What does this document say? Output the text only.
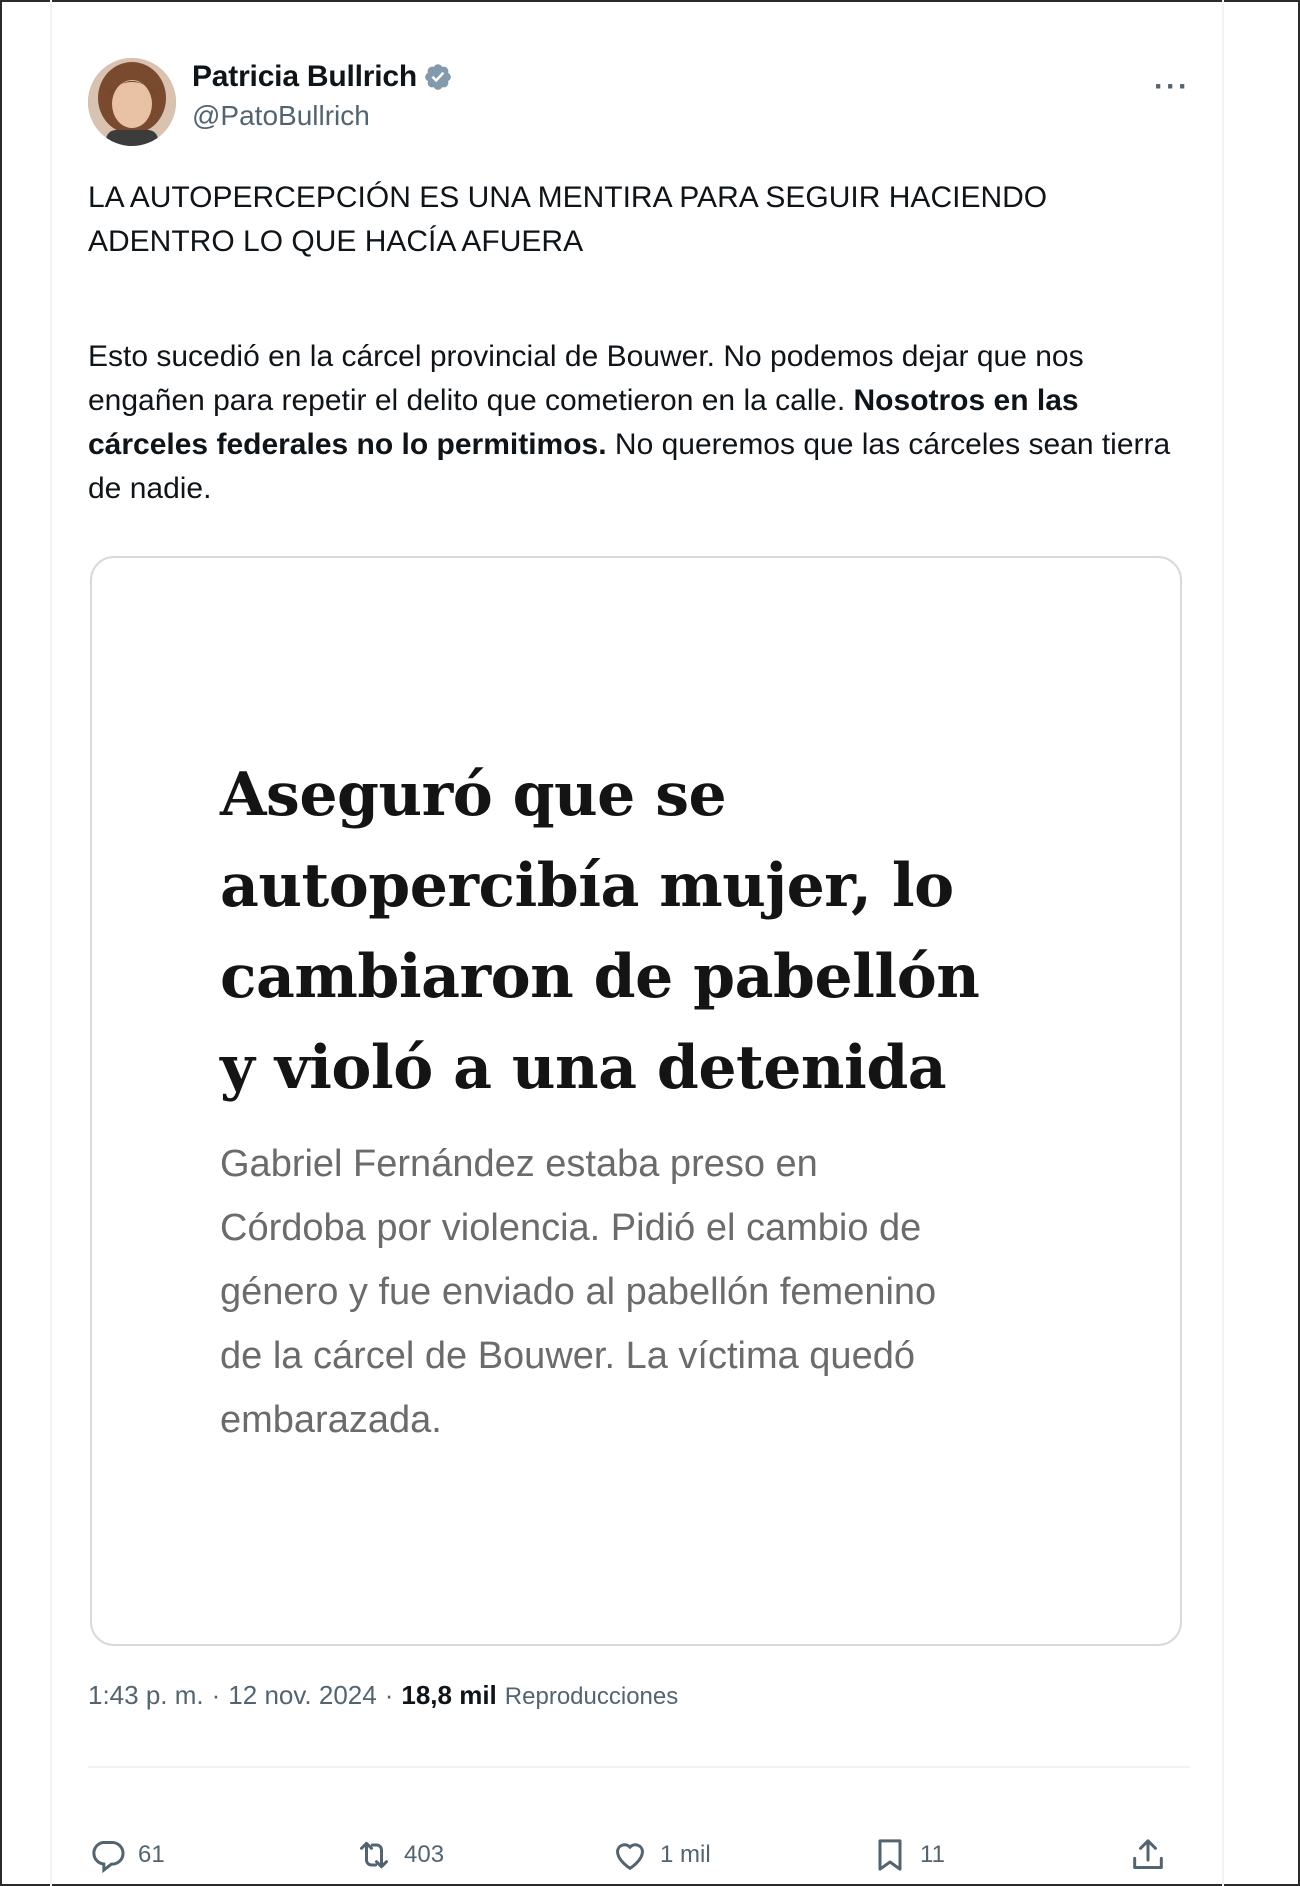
Patricia Bullrich
@PatoBullrich
···
LA AUTOPERCEPCIÓN ES UNA MENTIRA PARA SEGUIR HACIENDO ADENTRO LO QUE HACÍA AFUERA
Esto sucedió en la cárcel provincial de Bouwer. No podemos dejar que nos engañen para repetir el delito que cometieron en la calle. Nosotros en las cárceles federales no lo permitimos. No queremos que las cárceles sean tierra de nadie.
Aseguró que se autopercibía mujer, lo cambiaron de pabellón y violó a una detenida
Gabriel Fernández estaba preso en Córdoba por violencia. Pidió el cambio de género y fue enviado al pabellón femenino de la cárcel de Bouwer. La víctima quedó embarazada.
1:43 p. m. · 12 nov. 2024 · 18,8 mil Reproducciones
61	403	1 mil	11
